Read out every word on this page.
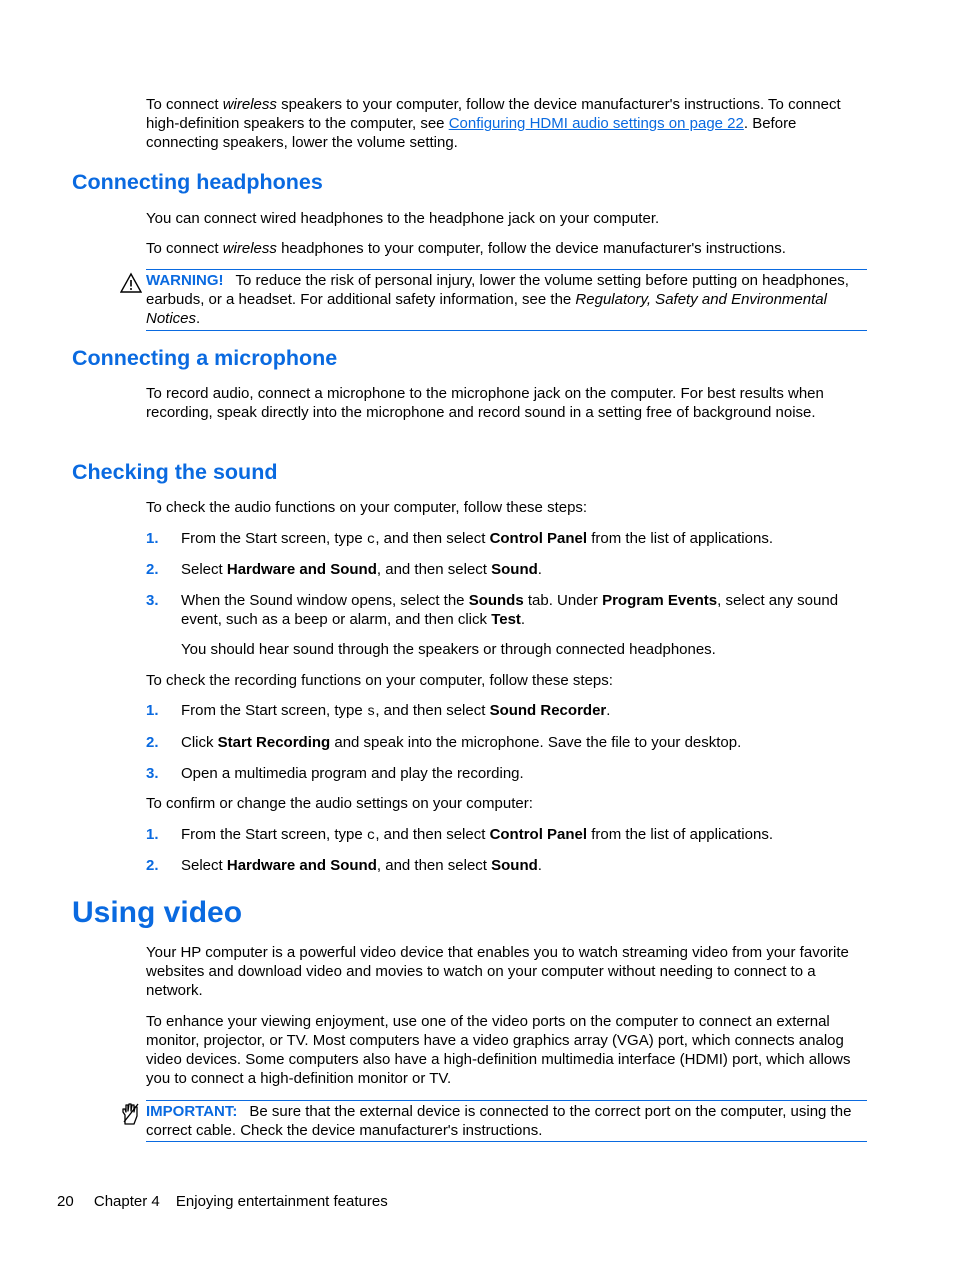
To connect wireless speakers to your computer, follow the device manufacturer's instructions. To connect high-definition speakers to the computer, see Configuring HDMI audio settings on page 22. Before connecting speakers, lower the volume setting.

Connecting headphones

You can connect wired headphones to the headphone jack on your computer.

To connect wireless headphones to your computer, follow the device manufacturer's instructions.

WARNING! To reduce the risk of personal injury, lower the volume setting before putting on headphones, earbuds, or a headset. For additional safety information, see the Regulatory, Safety and Environmental Notices.
Connecting a microphone

To record audio, connect a microphone to the microphone jack on the computer. For best results when recording, speak directly into the microphone and record sound in a setting free of background noise.

Checking the sound

To check the audio functions on your computer, follow these steps:

1. From the Start screen, type c, and then select Control Panel from the list of applications.

2. Select Hardware and Sound, and then select Sound.

3. When the Sound window opens, select the Sounds tab. Under Program Events, select any sound event, such as a beep or alarm, and then click Test.

You should hear sound through the speakers or through connected headphones.

To check the recording functions on your computer, follow these steps:

1. From the Start screen, type s, and then select Sound Recorder.

2. Click Start Recording and speak into the microphone. Save the file to your desktop.

3. Open a multimedia program and play the recording.

To confirm or change the audio settings on your computer:

1. From the Start screen, type c, and then select Control Panel from the list of applications.

2. Select Hardware and Sound, and then select Sound.

Using video

Your HP computer is a powerful video device that enables you to watch streaming video from your favorite websites and download video and movies to watch on your computer without needing to connect to a network.

To enhance your viewing enjoyment, use one of the video ports on the computer to connect an external monitor, projector, or TV. Most computers have a video graphics array (VGA) port, which connects analog video devices. Some computers also have a high-definition multimedia interface (HDMI) port, which allows you to connect a high-definition monitor or TV.

IMPORTANT: Be sure that the external device is connected to the correct port on the computer, using the correct cable. Check the device manufacturer's instructions.
20 Chapter 4 Enjoying entertainment features
